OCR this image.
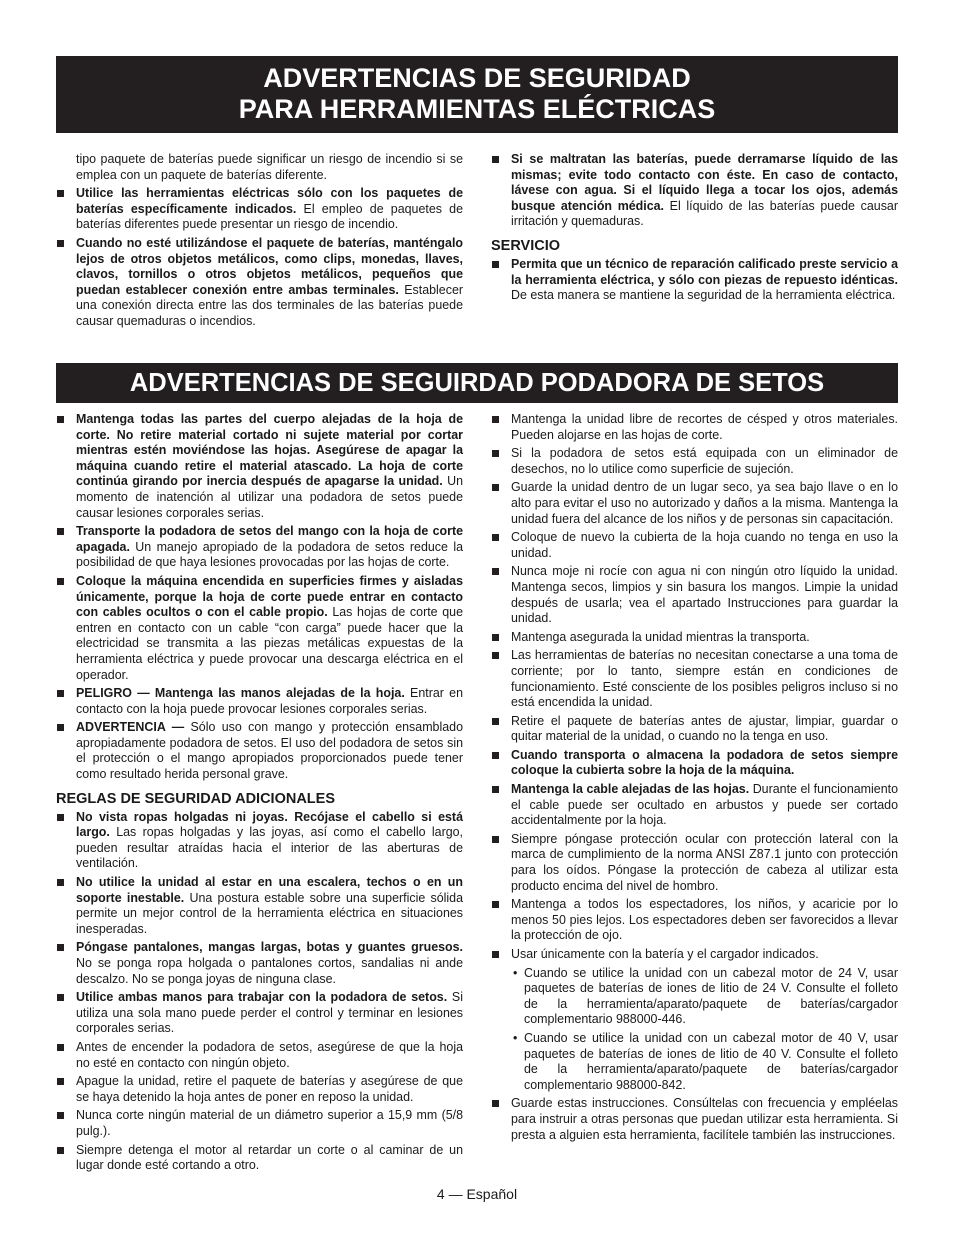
ADVERTENCIAS DE SEGURIDAD
PARA HERRAMIENTAS ELÉCTRICAS
tipo paquete de baterías puede significar un riesgo de incendio si se emplea con un paquete de baterías diferente.
Utilice las herramientas eléctricas sólo con los paquetes de baterías específicamente indicados. El empleo de paquetes de baterías diferentes puede presentar un riesgo de incendio.
Cuando no esté utilizándose el paquete de baterías, manténgalo lejos de otros objetos metálicos, como clips, monedas, llaves, clavos, tornillos o otros objetos metálicos, pequeños que puedan establecer conexión entre ambas terminales. Establecer una conexión directa entre las dos terminales de las baterías puede causar quemaduras o incendios.
Si se maltratan las baterías, puede derramarse líquido de las mismas; evite todo contacto con éste. En caso de contacto, lávese con agua. Si el líquido llega a tocar los ojos, además busque atención médica. El líquido de las baterías puede causar irritación y quemaduras.
SERVICIO
Permita que un técnico de reparación calificado preste servicio a la herramienta eléctrica, y sólo con piezas de repuesto idénticas. De esta manera se mantiene la seguridad de la herramienta eléctrica.
ADVERTENCIAS DE SEGUIRDAD PODADORA DE SETOS
Mantenga todas las partes del cuerpo alejadas de la hoja de corte. No retire material cortado ni sujete material por cortar mientras estén moviéndose las hojas. Asegúrese de apagar la máquina cuando retire el material atascado. La hoja de corte continúa girando por inercia después de apagarse la unidad. Un momento de inatención al utilizar una podadora de setos puede causar lesiones corporales serias.
Transporte la podadora de setos del mango con la hoja de corte apagada. Un manejo apropiado de la podadora de setos reduce la posibilidad de que haya lesiones provocadas por las hojas de corte.
Coloque la máquina encendida en superficies firmes y aisladas únicamente, porque la hoja de corte puede entrar en contacto con cables ocultos o con el cable propio. Las hojas de corte que entren en contacto con un cable “con carga” puede hacer que la electricidad se transmita a las piezas metálicas expuestas de la herramienta eléctrica y puede provocar una descarga eléctrica en el operador.
PELIGRO — Mantenga las manos alejadas de la hoja. Entrar en contacto con la hoja puede provocar lesiones corporales serias.
ADVERTENCIA — Sólo uso con mango y protección ensamblado apropiadamente podadora de setos. El uso del podadora de setos sin el protección o el mango apropiados proporcionados puede tener como resultado herida personal grave.
REGLAS DE SEGURIDAD ADICIONALES
No vista ropas holgadas ni joyas. Recójase el cabello si está largo. Las ropas holgadas y las joyas, así como el cabello largo, pueden resultar atraídas hacia el interior de las aberturas de ventilación.
No utilice la unidad al estar en una escalera, techos o en un soporte inestable. Una postura estable sobre una superficie sólida permite un mejor control de la herramienta eléctrica en situaciones inesperadas.
Póngase pantalones, mangas largas, botas y guantes gruesos. No se ponga ropa holgada o pantalones cortos, sandalias ni ande descalzo. No se ponga joyas de ninguna clase.
Utilice ambas manos para trabajar con la podadora de setos. Si utiliza una sola mano puede perder el control y terminar en lesiones corporales serias.
Antes de encender la podadora de setos, asegúrese de que la hoja no esté en contacto con ningún objeto.
Apague la unidad, retire el paquete de baterías y asegúrese de que se haya detenido la hoja antes de poner en reposo la unidad.
Nunca corte ningún material de un diámetro superior a 15,9 mm (5/8 pulg.).
Siempre detenga el motor al retardar un corte o al caminar de un lugar donde esté cortando a otro.
Mantenga la unidad libre de recortes de césped y otros materiales. Pueden alojarse en las hojas de corte.
Si la podadora de setos está equipada con un eliminador de desechos, no lo utilice como superficie de sujeción.
Guarde la unidad dentro de un lugar seco, ya sea bajo llave o en lo alto para evitar el uso no autorizado y daños a la misma. Mantenga la unidad fuera del alcance de los niños y de personas sin capacitación.
Coloque de nuevo la cubierta de la hoja cuando no tenga en uso la unidad.
Nunca moje ni rocíe con agua ni con ningún otro líquido la unidad. Mantenga secos, limpios y sin basura los mangos. Limpie la unidad después de usarla; vea el apartado Instrucciones para guardar la unidad.
Mantenga asegurada la unidad mientras la transporta.
Las herramientas de baterías no necesitan conectarse a una toma de corriente; por lo tanto, siempre están en condiciones de funcionamiento. Esté consciente de los posibles peligros incluso si no está encendida la unidad.
Retire el paquete de baterías antes de ajustar, limpiar, guardar o quitar material de la unidad, o cuando no la tenga en uso.
Cuando transporta o almacena la podadora de setos siempre coloque la cubierta sobre la hoja de la máquina.
Mantenga la cable alejadas de las hojas. Durante el funcionamiento el cable puede ser ocultado en arbustos y puede ser cortado accidentalmente por la hoja.
Siempre póngase protección ocular con protección lateral con la marca de cumplimiento de la norma ANSI Z87.1 junto con protección para los oídos. Póngase la protección de cabeza al utilizar esta producto encima del nivel de hombro.
Mantenga a todos los espectadores, los niños, y acaricie por lo menos 50 pies lejos. Los espectadores deben ser favorecidos a llevar la protección de ojo.
Usar únicamente con la batería y el cargador indicados.
• Cuando se utilice la unidad con un cabezal motor de 24 V, usar paquetes de baterías de iones de litio de 24 V. Consulte el folleto de la herramienta/aparato/paquete de baterías/cargador complementario 988000-446.
• Cuando se utilice la unidad con un cabezal motor de 40 V, usar paquetes de baterías de iones de litio de 40 V. Consulte el folleto de la herramienta/aparato/paquete de baterías/cargador complementario 988000-842.
Guarde estas instrucciones. Consúltelas con frecuencia y empléelas para instruir a otras personas que puedan utilizar esta herramienta. Si presta a alguien esta herramienta, facilítele también las instrucciones.
4 — Español
